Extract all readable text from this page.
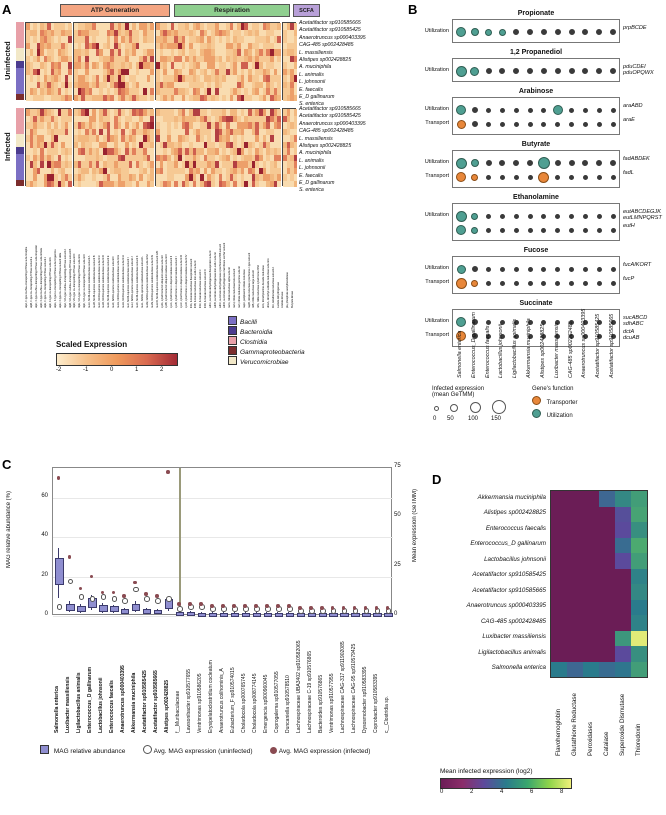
A	ATP Generation	Respiration	SCFA
Uninfected
Acetatifactor sp910585665
Acetatifactor sp910585425
Anaerotruncus sp000403395
CAG-485 sp002428485
L. massiliensis
Alistipes sp002428825
A. muciniphila
L. animalis
L. johnsonii
E. faecalis
E_D gallinarum
S. enterica
Infected
Acetatifactor sp910585665
Acetatifactor sp910585425
Anaerotruncus sp000403395
CAG-485 sp002428485
L. massiliensis
Alistipes sp002428825
A. muciniphila
L. animalis
L. johnsonii
E. faecalis
E_D gallinarum
S. enterica
atpA, F-type H+/Na+-transporting ATPase subunit alpha atpB, F-type H+-transporting ATPase subunit a atpC, F-type H+/Na+-transporting ATPase subunit epsilon atpD, F-type H+/Na+-transporting ATPase subunit beta atpE, F-type H+-transporting ATPase subunit c atpF, F-type H+-transporting ATPase subunit b atpG, F-type H+-transporting ATPase subunit gamma atpH, F-type H+-transporting ATPase subunit delta ntpA, V/A-type H+/Na+-transporting ATPase subunit A ntpB, V/A-type H+/Na+-transporting ATPase subunit B ntpD, V/A-type H+-transporting ATPase subunit D ntpE, V/A-type H+-transporting ATPase subunit E ntpK, V/A-type H+-transporting ATPase subunit K nuoA, NADH-quinone oxidoreductase subunit A nuoB, NADH-quinone oxidoreductase subunit B nuoC, NADH-quinone oxidoreductase subunit C nuoD, NADH-quinone oxidoreductase subunit D nuoE, NADH-quinone oxidoreductase subunit E nuoF, NADH-quinone oxidoreductase subunit F nuoG, NADH-quinone oxidoreductase subunit G nuoH, NADH-quinone oxidoreductase subunit H nuoI, NADH-quinone oxidoreductase subunit I nuoJ, NADH-quinone oxidoreductase subunit J nuoK, NADH-quinone oxidoreductase subunit K nuoL, NADH-quinone oxidoreductase subunit L nuoM, NADH-quinone oxidoreductase subunit M nuoN, NADH-quinone oxidoreductase subunit N nuoCD, NADH-quinone oxidoreductase subunit C/D cydA, cytochrome bd ubiquinol oxidase subunit I cydB, cytochrome bd ubiquinol oxidase subunit II cyoA, cytochrome o ubiquinol oxidase subunit II cyoB, cytochrome o ubiquinol oxidase subunit I cyoC, cytochrome o ubiquinol oxidase subunit III cyoD, cytochrome o ubiquinol oxidase subunit IV frdA, fumarate reductase flavoprotein subunit frdB, fumarate reductase iron-sulfur subunit frdC, fumarate reductase subunit C frdD, fumarate reductase subunit D sdhA, succinate dehydrogenase flavoprotein subunit sdhB, succinate dehydrogenase iron-sulfur subunit sdhC, succinate dehydrogenase cytochrome b556 subunit sdhD, succinate dehydrogenase membrane anchor subunit narG, nitrate reductase alpha subunit narH, nitrate reductase beta subunit narI, nitrate reductase gamma subunit napA, periplasmic nitrate reductase napB, nitrate reductase cytochrome c-type subunit nirB, nitrite reductase large subunit nrfA, nitrite reductase cytochrome c552 torA, trimethylamine-N-oxide reductase dmsA, dimethyl sulfoxide reductase subunit A ttrA, tetrathionate reductase subunit A Lactate dehydrogenase Acetate kinase pta, phosphate acetyltransferase Butyrate kinase
Bacilli
Bacteroidia
Clostridia
Gammaproteobacteria
Verucomicrobiae
Scaled Expression
-2	-1	0	1	2
B	Propionate
Utilization	prpBCDE
1,2 Propanediol
Utilization	pduCDEI
pduOPQWX
Arabinose
Utilization	araABD
Transport	araE
Butyrate
Utilization	fadABDEK
Transport	fadL
Ethanolamine
Utilization	eutABCDEGJK
eutLMNPQRST
eutH
Fucose
Utilization	fucAIKORT
Transport	fucP
Succinate
Utilization	sucABCD
sdhABC
Transport	dctA
dcuAB
Salmonella enterica Enterococcus_D gallinarum Enterococcus faecalis Lactobacillus johnsonii Ligilactobacillus animalis Akkermansia muciniphila Alistipes sp002428825 Luxibacter massiliensis CAG-485 sp002362485 Anaerotruncus sp000403395 Acetatifactor sp910585425 Acetatifactor sp910585665
Infected expression
(mean GeTMM)
0 50 100 150
Gene's function
Transporter
Utilization
C
MAG relative abundance (%)	Mean expression (GeTMM)
0
20
40
60
0
25
50
75
Salmonella enterica Luxibacter massiliensis Ligilactobacillus animalis Enterococcus_D gallinarum Lactobacillus johnsonii Enterococcus faecalis Anaerotruncus sp000403395 Akkermansia muciniphila Acetatifactor sp910585425 Acetatifactor sp910585665 Alistipes sp002428825 f__Muribaculaceae Lawsonibacter sp910577655 Ventrimonas sp910586205 Erysipelatoclostridium cocleatum Anaerotruncus colihominis_A Eubacterium_F sp910574015 Choladocola sp000765745 Choladocola sp008774145 Emergencia sp900960045 Coprogalema sp910577055 Duncaniella sp910578510 Lachnospiraceae UBA3402 sp910582065 Lachnospiraceae C-19 sp910576865 Bacteroides sp910576865 Ventrimonas sp910577955 Lachnospiraceae CAG-317 sp911902085 Lachnospiraceae CAG-95 sp910579425 Dysosmobacter sp910583395 Coprobacter sp910583395 c__Clostridia sp.
MAG relative abundance	Avg. MAG expression (uninfected)	Avg. MAG expression (infected)
D
Akkermansia muciniphila
Alistipes sp002428825
Enterococcus faecalis
Enterococcus_D gallinarum
Lactobacillus johnsonii
Acetatifactor sp910585425
Acetatifactor sp910585665
Anaerotruncus sp000403395
CAG-485 sp002428485
Luxibacter massiliensis
Ligilactobacillus animalis
Salmonella enterica
Flavohemoglobin Glutathione Reductase Peroxidases Catalase Superoxide Dismutase Thioredoxin
Mean infected expression (log2)
0	2	4	6	8
